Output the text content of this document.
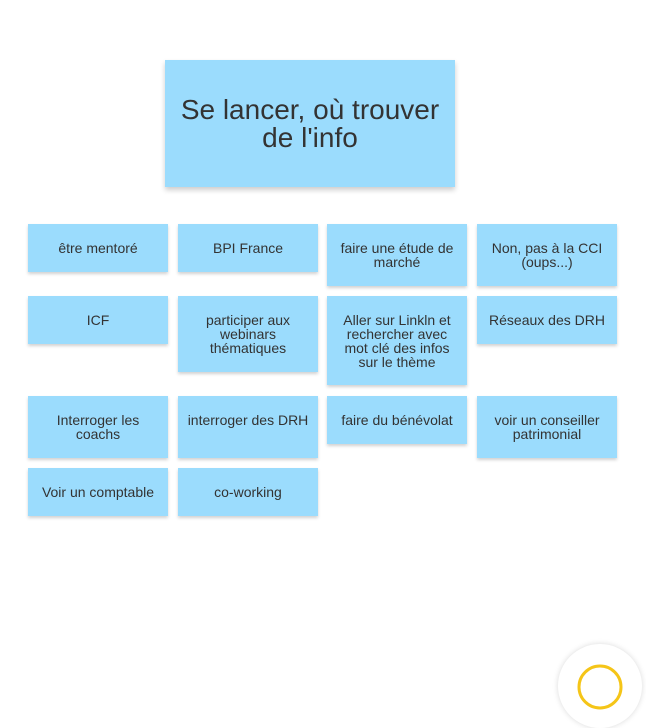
Se lancer, où trouver de l'info
être mentoré	BPI France	faire une étude de marché
Non, pas à la CCI (oups...)
ICF	participer aux webinars thématiques
Aller sur Linkln et rechercher avec mot clé des infos sur le thème
Réseaux des DRH
Interroger les coachs
interroger des DRH	faire du bénévolat	voir un conseiller patrimonial
Voir un comptable	co-working
